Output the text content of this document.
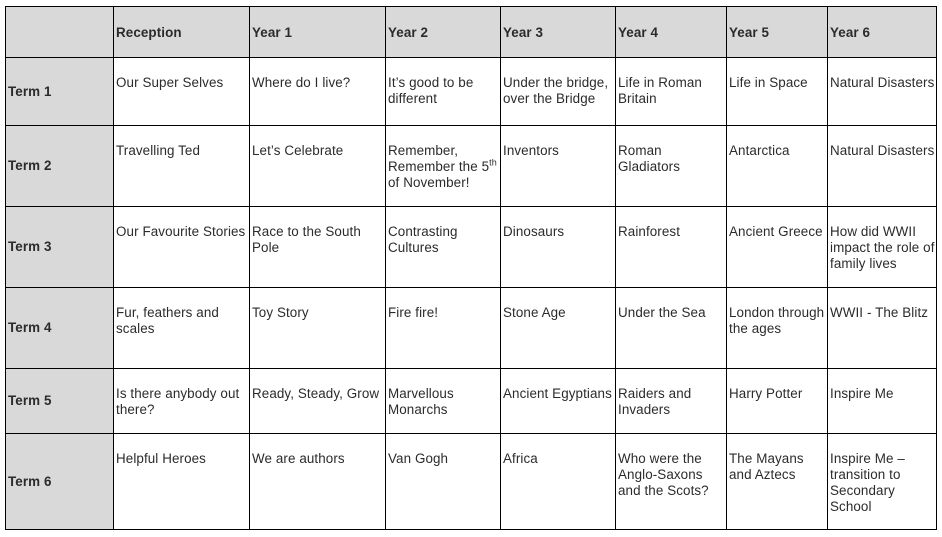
	Reception	Year 1	Year 2	Year 3	Year 4	Year 5	Year 6
Term 1	Our Super Selves	Where do I live?	It’s good to be different	Under the bridge, over the Bridge	Life in Roman Britain	Life in Space	Natural Disasters
Term 2	Travelling Ted	Let’s Celebrate	Remember, Remember the 5th of November!	Inventors	Roman Gladiators	Antarctica	Natural Disasters
Term 3	Our Favourite Stories	Race to the South Pole	Contrasting Cultures	Dinosaurs	Rainforest	Ancient Greece	How did WWII impact the role of family lives
Term 4	Fur, feathers and scales	Toy Story	Fire fire!	Stone Age	Under the Sea	London through the ages	WWII - The Blitz
Term 5	Is there anybody out there?	Ready, Steady, Grow	Marvellous Monarchs	Ancient Egyptians	Raiders and Invaders	Harry Potter	Inspire Me
Term 6	Helpful Heroes	We are authors	Van Gogh	Africa	Who were the Anglo-Saxons and the Scots?	The Mayans and Aztecs	Inspire Me – transition to Secondary School
